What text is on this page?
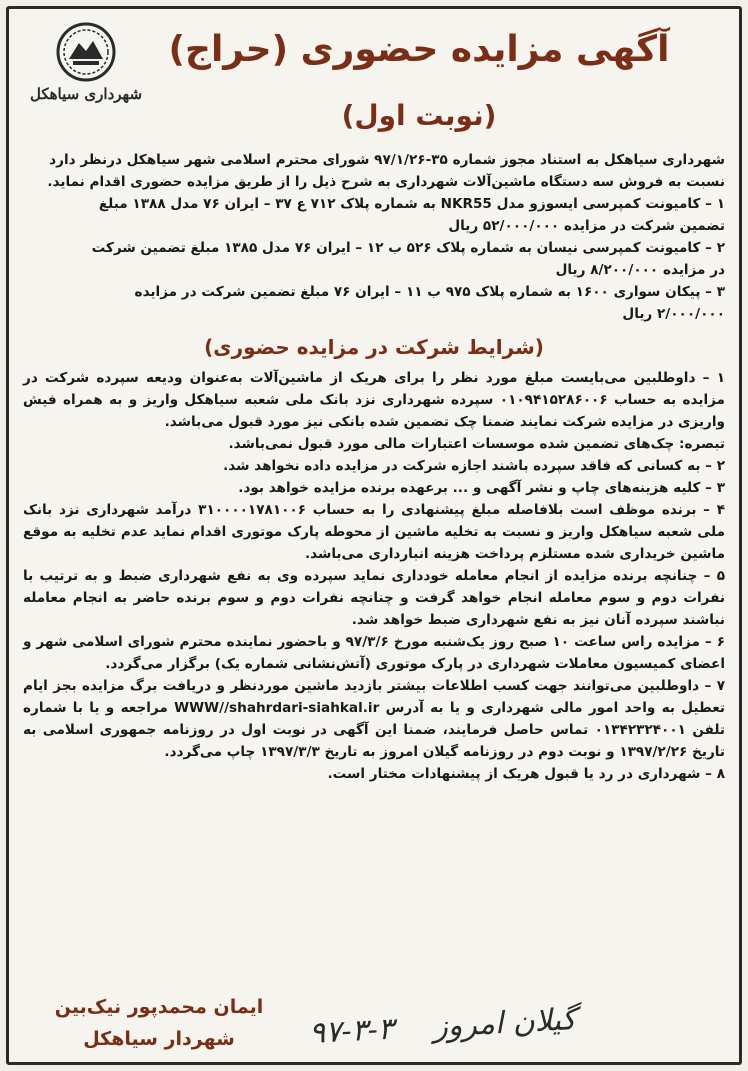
شهرداری سیاهکل
آگهی مزایده حضوری (حراج)
(نوبت اول)

شهرداری سیاهکل به استناد مجوز شماره ۳۵-۹۷/۱/۲۶ شورای محترم اسلامی شهر سیاهکل درنظر دارد

نسبت به فروش سه دستگاه ماشین‌آلات شهرداری به شرح ذیل را از طریق مزایده حضوری اقدام نماید.

۱ – کامیونت کمپرسی ایسوزو مدل NKR55 به شماره پلاک ۷۱۲ ع ۳۷ – ایران ۷۶ مدل ۱۳۸۸ مبلغ

تضمین شرکت در مزایده ۵۲/۰۰۰/۰۰۰ ریال

۲ – کامیونت کمپرسی نیسان به شماره پلاک ۵۲۶ ب ۱۲ – ایران ۷۶ مدل ۱۳۸۵ مبلغ تضمین شرکت

در مزایده ۸/۲۰۰/۰۰۰ ریال

۳ – پیکان سواری ۱۶۰۰ به شماره پلاک ۹۷۵ ب ۱۱ – ایران ۷۶ مبلغ تضمین شرکت در مزایده

۲/۰۰۰/۰۰۰ ریال

(شرایط شرکت در مزایده حضوری)

۱ – داوطلبین می‌بایست مبلغ مورد نظر را برای هریک از ماشین‌آلات به‌عنوان ودیعه سپرده شرکت در مزایده به حساب ۰۱۰۹۴۱۵۲۸۶۰۰۶ سپرده شهرداری نزد بانک ملی شعبه سیاهکل واریز و به همراه فیش واریزی در مزایده شرکت نمایند ضمنا چک تضمین شده بانکی نیز مورد قبول می‌باشد.

تبصره: چک‌های تضمین شده موسسات اعتبارات مالی مورد قبول نمی‌باشد.

۲ – به کسانی که فاقد سپرده باشند اجازه شرکت در مزایده داده نخواهد شد.

۳ – کلیه هزینه‌های چاپ و نشر آگهی و ... برعهده برنده مزایده خواهد بود.

۴ – برنده موظف است بلافاصله مبلغ پیشنهادی را به حساب ۳۱۰۰۰۰۱۷۸۱۰۰۶ درآمد شهرداری نزد بانک ملی شعبه سیاهکل واریز و نسبت به تخلیه ماشین از محوطه پارک موتوری اقدام نماید عدم تخلیه به موقع ماشین خریداری شده مستلزم پرداخت هزینه انبارداری می‌باشد.

۵ – چنانچه برنده مزایده از انجام معامله خودداری نماید سپرده وی به نفع شهرداری ضبط و به ترتیب با نفرات دوم و سوم معامله انجام خواهد گرفت و چنانچه نفرات دوم و سوم برنده حاضر به انجام معامله نباشند سپرده آنان نیز به نفع شهرداری ضبط خواهد شد.

۶ – مزایده راس ساعت ۱۰ صبح روز یک‌شنبه مورخ ۹۷/۳/۶ و باحضور نماینده محترم شورای اسلامی شهر و اعضای کمیسیون معاملات شهرداری در پارک موتوری (آتش‌نشانی شماره یک) برگزار می‌گردد.

۷ – داوطلبین می‌توانند جهت کسب اطلاعات بیشتر بازدید ماشین موردنظر و دریافت برگ مزایده بجز ایام تعطیل به واحد امور مالی شهرداری و یا به آدرس WWW//shahrdari-siahkal.ir مراجعه و یا با شماره تلفن ۰۱۳۴۲۳۲۴۰۰۱ تماس حاصل فرمایند، ضمنا این آگهی در نوبت اول در روزنامه جمهوری اسلامی به تاریخ ۱۳۹۷/۲/۲۶ و نوبت دوم در روزنامه گیلان امروز به تاریخ ۱۳۹۷/۳/۳ چاپ می‌گردد.

۸ – شهرداری در رد یا قبول هریک از پیشنهادات مختار است.

ایمان محمدپور نیک‌بین
شهردار سیاهکل	گیلان امروز ۹۷-۳-۳
